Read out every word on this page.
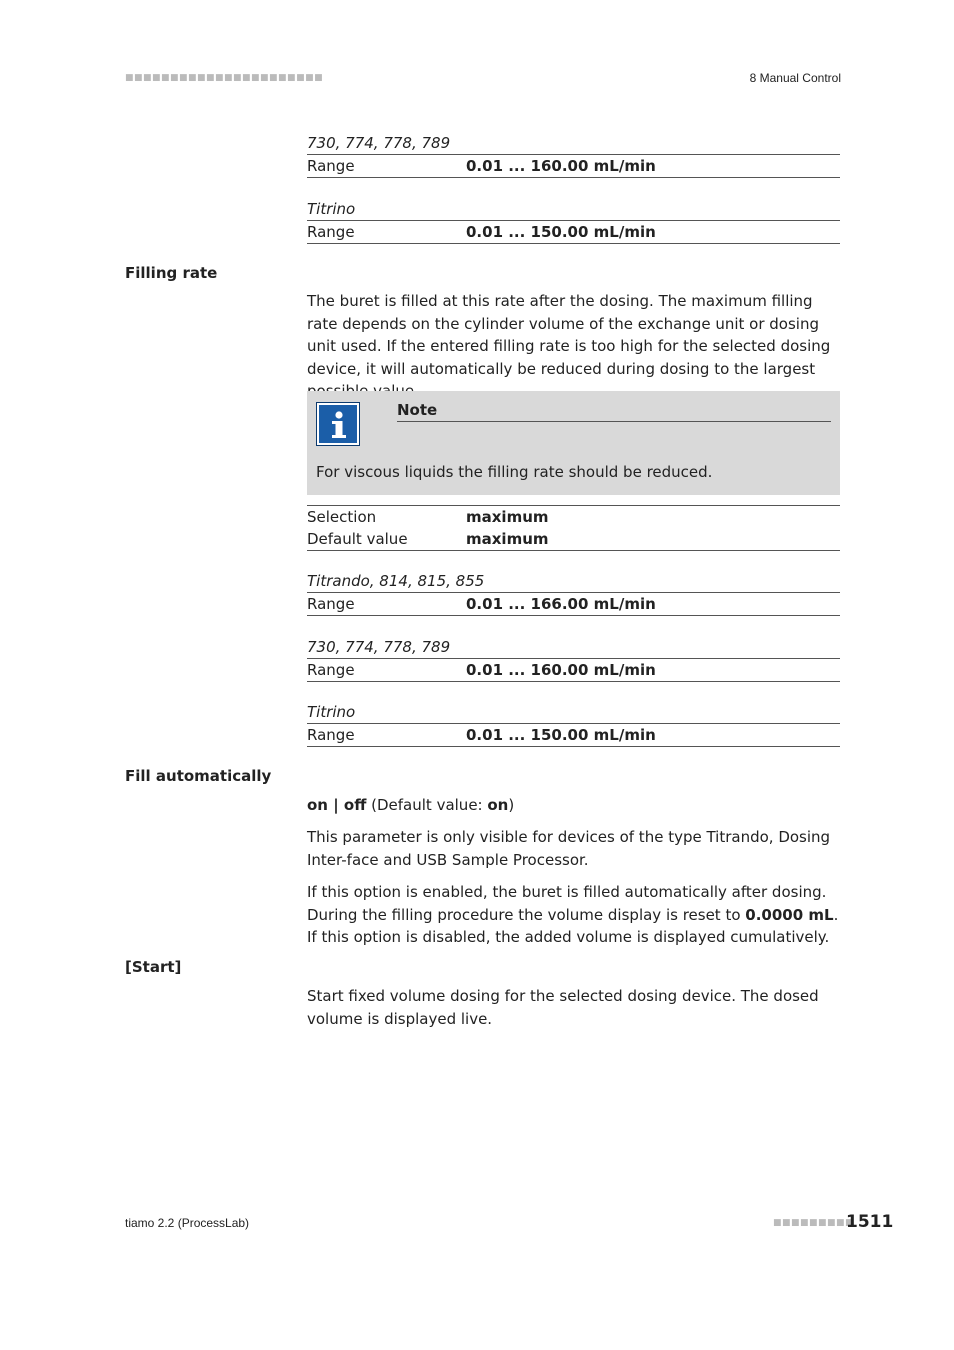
■■■■■■■■■■■■■■■■■■■■■■	8 Manual Control
730, 774, 778, 789
Range	0.01 ... 160.00 mL/min
Titrino
Range	0.01 ... 150.00 mL/min
Filling rate

The buret is filled at this rate after the dosing. The maximum filling rate depends on the cylinder volume of the exchange unit or dosing unit used. If the entered filling rate is too high for the selected dosing device, it will automatically be reduced during dosing to the largest

Note
For viscous liquids the filling rate should be reduced.
Selection	maximum
Default value	maximum
Titrando, 814, 815, 855
Range	0.01 ... 166.00 mL/min
730, 774, 778, 789
Range	0.01 ... 160.00 mL/min
Titrino
Range	0.01 ... 150.00 mL/min
Fill automatically

on | off (Default value: on)

This parameter is only visible for devices of the type Titrando, Dosing Inter-face and USB Sample Processor.

If this option is enabled, the buret is filled automatically after dosing. During the filling procedure the volume display is reset to 0.0000 mL. If this option is disabled, the added volume is displayed cumulatively.

[Start]

Start fixed volume dosing for the selected dosing device. The dosed volume is displayed live.

tiamo 2.2 (ProcessLab)	■■■■■■■■■
1511
